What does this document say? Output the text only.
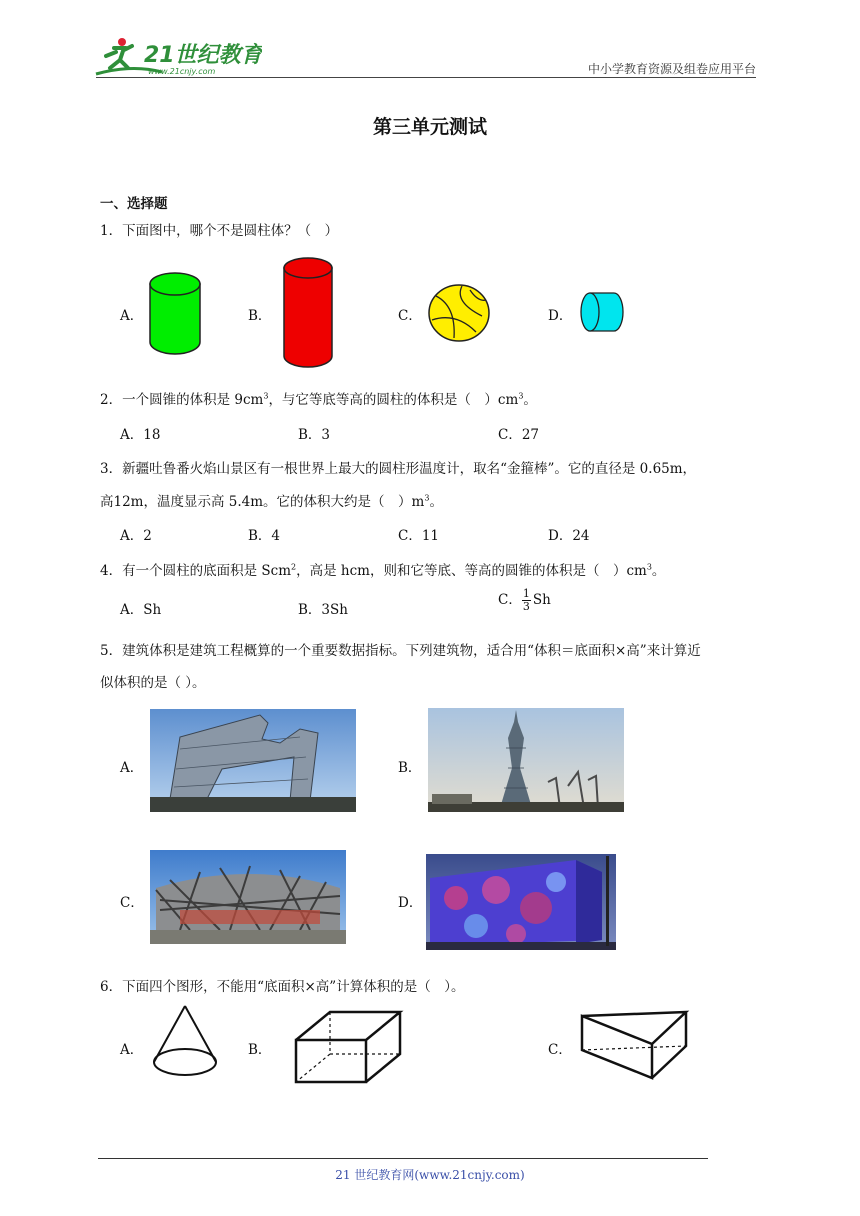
21世纪教育
www.21cnjy.com	中小学教育资源及组卷应用平台
第三单元测试
一、选择题
1．下面图中，哪个不是圆柱体？（　）
A．	B．	C．	D．
2．一个圆锥的体积是 $9cm^3$，与它等底等高的圆柱的体积是（　）$cm^3$。
A．18	B．3	C．27
3．新疆吐鲁番火焰山景区有一根世界上最大的圆柱形温度计，取名“金箍棒”。它的直径是 0.65m，
高12m，温度显示高 5.4m。它的体积大约是（　）$m^3$。
A．2	B．4	C．11	D．24
4．有一个圆柱的底面积是 Scm$^2$，高是 hcm，则和它等底、等高的圆锥的体积是（　）$cm^3$。
A．Sh	B．3Sh
C． $\frac{1}{3}$ Sh
5．建筑体积是建筑工程概算的一个重要数据指标。下列建筑物，适合用“体积＝底面积×高”来计算近
似体积的是（ ）。
A．	B．
C．	D．
6．下面四个图形，不能用“底面积×高”计算体积的是（　）。
A．	B．	C．
21 世纪教育网(www.21cnjy.com)
